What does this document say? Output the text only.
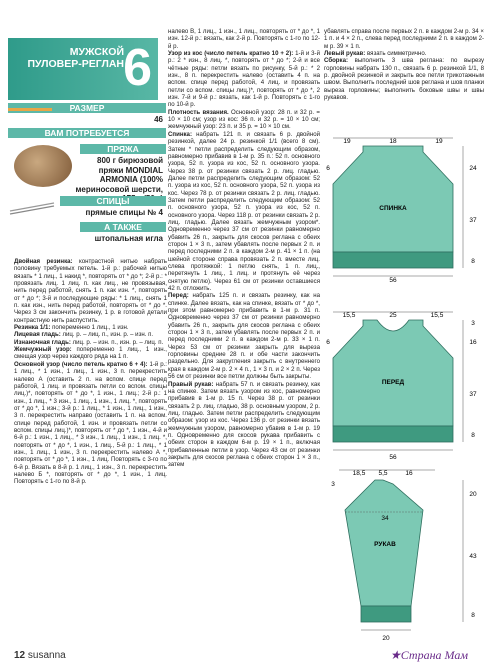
МУЖСКОЙ ПУЛОВЕР-РЕГЛАН 6
РАЗМЕР
46
ВАМ ПОТРЕБУЕТСЯ
ПРЯЖА
800 г бирюзовой пряжи MONDIAL ARMONIA (100% мериносовой шерсти,
СПИЦЫ
прямые спицы № 4
А ТАКЖЕ
штопальная игла

Двойная резинка: контрастной нитью набрать половину требуемых петель. 1-й р.: рабочей нитью вязать * 1 лиц., 1 накид *, повторять от * до *; 2-й р.: * провязать лиц. 1 лиц. п. как лиц., не провязывая, нить перед работой, снять 1 п. как изн. *, повторять от * до *; 3-й и последующие ряды: * 1 лиц., снять 1 п. как изн., нить перед работой, повторять от * до *. Через 3 см закончить резинку, 1 р. в готовой детали контрастную нить распустить.

Резинка 1/1: попеременно 1 лиц., 1 изн.

Лицевая гладь: лиц. р. – лиц. п., изн. р. – изн. п.

Изнаночная гладь: лиц. р. – изн. п., изн. р. – лиц. п.

Жемчужный узор: попеременно 1 лиц., 1 изн., смещая узор через каждого ряда на 1 п.

Основной узор (число петель кратно 6 + 4): 1-й р.: 1 лиц., * 1 изн., 1 лиц., 1 изн., 3 п. перекрестить налево А (оставить 2 п. на вспом. спице перед работой, 1 лиц. и провязать петли со вспом. спицы лиц.)*, повторять от * до *, 1 изн., 1 лиц.; 2-й р.: 1 изн., 1 лиц., * 3 изн., 1 лиц., 1 изн., 1 лиц. *, повторять от * до *, 1 изн.; 3-й р.: 1 лиц., * 1 изн., 1 лиц., 1 изн., 3 п. перекрестить направо (оставить 1 п. на вспом. спице перед работой, 1 изн. и провязать петли со вспом. спицы лиц.)*, повторять от * до *, 1 изн., 4-й и 6-й р.: 1 изн., 1 лиц., * 3 изн., 1 лиц., 1 изн., 1 лиц. *, повторять от * до *, 1 изн., 1 лиц., 5-й р.: 1 лиц., * 1 изн., 1 лиц., 1 изн., 3 п. перекрестить налево А *, повторять от * до *, 1 изн., 1 лиц. Повторять с 3-го по 6-й р. Вязать в 8-й р. 1 лиц., 1 изн., 3 п. перекрестить налево Б *, повторять от * до *, 1 изн., 1 лиц. Повторять с 1-го по 8-й р.

налево В, 1 лиц., 1 изн., 1 лиц., повторять от * до *, 1 изн. 12-й р.: вязать, как 2-й р. Повторять с 1-го по 12-й р.

Узор из кос (число петель кратно 10 + 2): 1-й и 3-й р.: 2 * изн., 8 лиц. *, повторять от * до *; 2-й и все чётные ряды: петли вязать по рисунку, 5-й р.: * 2 изн., 8 п. перекрестить налево (оставить 4 п. на вспом. спице перед работой, 4 лиц. и провязать петли со вспом. спицы лиц.)*, повторять от * до *, 2 изн. 7-й и 9-й р.: вязать, как 1-й р. Повторять с 1-го по 10-й р.

Плотность вязания. Основной узор: 28 п. и 32 р. = 10 × 10 см; узор из кос: 36 п. и 32 р. = 10 × 10 см; жемчужный узор: 23 п. и 35 р. = 10 × 10 см.

Спинка: набрать 121 п. и связать 6 р. двойной резинкой, далее 24 р. резинкой 1/1 (всего 8 см). Затем * петли распределить следующим образом, равномерно прибавив в 1-м р. 35 п.: 52 п. основного узора, 52 п. узора из кос, 52 п. основного узора. Через 38 р. от резинки связать 2 р. лиц. гладью. Далее петли распределить следующим образом: 52 п. узора из кос, 52 п. основного узора, 52 п. узора из кос. Через 78 р. от резинки связать 2 р. лиц. гладью. Затем петли распределить следующим образом: 52 п. основного узора, 52 п. узора из кос, 52 п. основного узора. Через 118 р. от резинки связать 2 р. лиц. гладью. Далее вязать жемчужным узором*. Одновременно через 37 см от резинки равномерно убавить 26 п., закрыть для скосов реглана с обеих сторон 1 × 3 п., затем убавлять после первых 2 п. и перед последними 2 п. в каждом 2-м р. 41 × 1 п. (на шейной стороне справа провязать 2 п. вместе лиц. слева протяжкой: 1 петлю снять, 1 п. лиц., перетянуть 1 лиц., 1 лиц. и протянуть её через снятую петлю). Через 61 см от резинки оставшиеся 42 п. отложить.

Перед: набрать 125 п. и связать резинку, как на спинке. Далее вязать, как на спинке, вязать от * до *, при этом равномерно прибавить в 1-м р. 31 п. Одновременно через 37 см от резинки равномерно убавить 26 п., закрыть для скосов реглана с обеих сторон 1 × 3 п., затем убавлять после первых 2 п. и перед последними 2 п. в каждом 2-м р. 33 × 1 п. Через 53 см от резинки закрыть для выреза горловины средние 28 п. и обе части закончить раздельно. Для закругления закрыть с внутреннего края в каждом 2-м р. 2 × 4 п., 1 × 3 п. и 2 × 2 п. Через 56 см от резинки все петли должны быть закрыты.

Правый рукав: набрать 57 п. и связать резинку, как на спинке. Затем вязать узором из кос, равномерно прибавив в 1-м р. 15 п. Через 38 р. от резинки связать 2 р. лиц. гладью, 38 р. основным узором, 2 р. лиц. гладью. Затем петли распределить следующим образом: узор из кос. Через 136 р. от резинки вязать жемчужным узором, равномерно убавив в 1-м р. 19 п. Одновременно для скосов рукава прибавить с обеих сторон в каждом 6-м р. 19 × 1 п., включая прибавленные петли в узор. Через 43 см от резинки закрыть для скосов реглана с обеих сторон 1 × 3 п., затем

убавлять справа после первых 2 п. в каждом 2-м р. 34 × 1 п. и 4 × 2 п., слева перед последними 2 п. в каждом 2-м р. 39 × 1 п.

Левый рукав: вязать симметрично.

Сборка: выполнить 3 шва реглана: по вырезу горловины набрать 130 п., связать 6 р. резинкой 1/1, 8 р. двойной резинкой и закрыть все петли трикотажным швом. Выполнить последний шов реглана и шов планки выреза горловины; выполнить боковые швы и швы рукавов.

СПИНКА
19	18	19
24
37
8
6
56
ПЕРЕД
15,5	25	15,5
3
16
37
8
6
56
РУКАВ
18,5 5,5	16
20
43
8
3
34
20
12 susanna	★Страна Мам
